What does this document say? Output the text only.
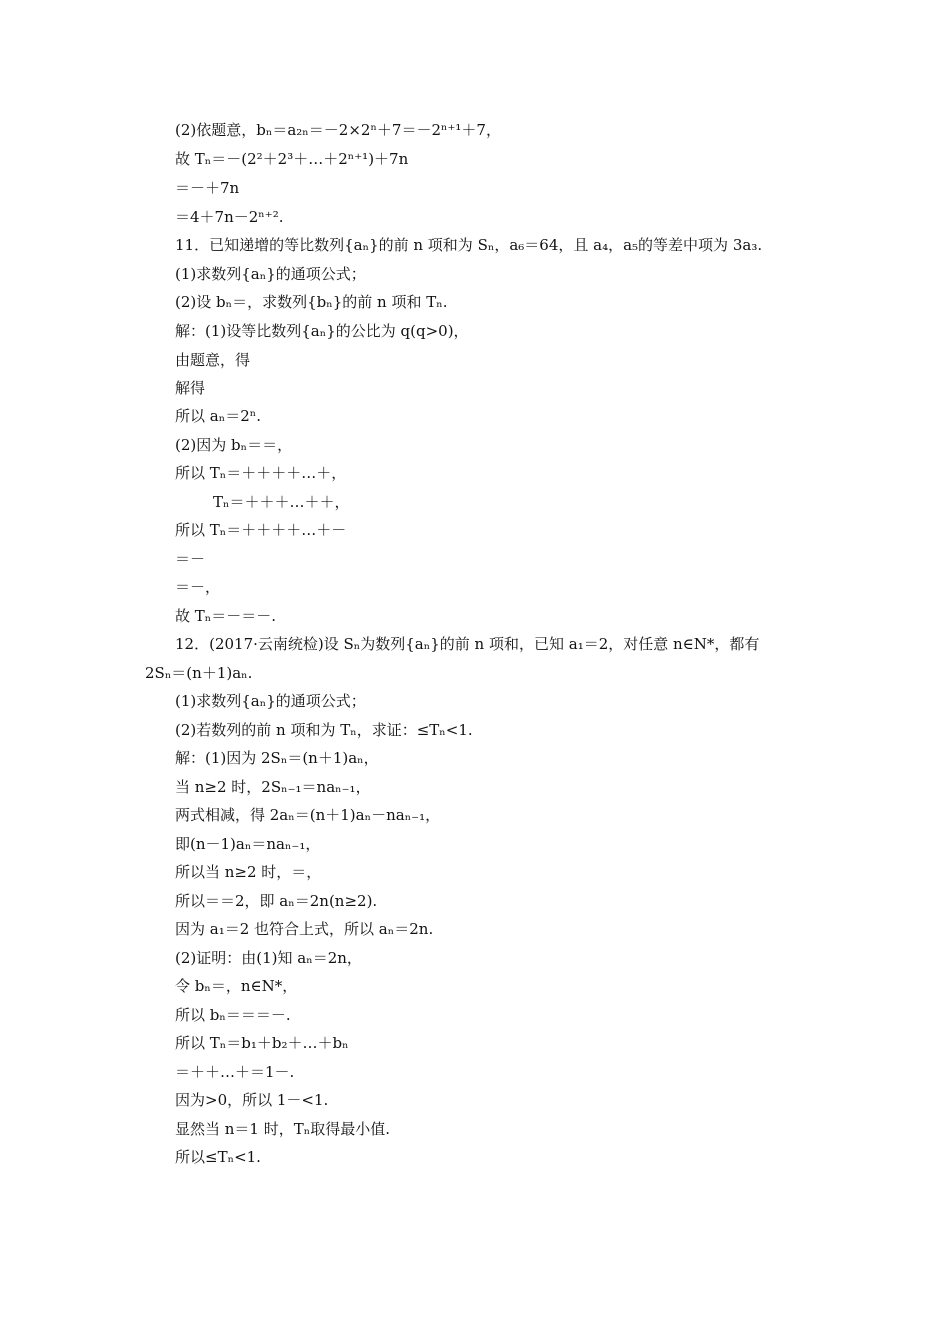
(2)依题意，bₙ＝a₂ₙ＝－2×2ⁿ＋7＝－2ⁿ⁺¹＋7，
故 Tₙ＝－(2²＋2³＋…＋2ⁿ⁺¹)＋7n
＝－＋7n
＝4＋7n－2ⁿ⁺².
11．已知递增的等比数列{aₙ}的前 n 项和为 Sₙ，a₆＝64，且 a₄，a₅的等差中项为 3a₃.
(1)求数列{aₙ}的通项公式；
(2)设 bₙ＝，求数列{bₙ}的前 n 项和 Tₙ.
解：(1)设等比数列{aₙ}的公比为 q(q>0)，
由题意，得
解得
所以 aₙ＝2ⁿ.
(2)因为 bₙ＝＝，
所以 Tₙ＝＋＋＋＋…＋，
Tₙ＝＋＋＋…＋＋，
所以 Tₙ＝＋＋＋＋…＋－
＝－
＝－，
故 Tₙ＝－＝－.
12．(2017·云南统检)设 Sₙ为数列{aₙ}的前 n 项和，已知 a₁＝2，对任意 n∈N*，都有
2Sₙ＝(n＋1)aₙ.
(1)求数列{aₙ}的通项公式；
(2)若数列的前 n 项和为 Tₙ，求证：≤Tₙ<1.
解：(1)因为 2Sₙ＝(n＋1)aₙ，
当 n≥2 时，2Sₙ₋₁＝naₙ₋₁，
两式相减，得 2aₙ＝(n＋1)aₙ－naₙ₋₁，
即(n－1)aₙ＝naₙ₋₁，
所以当 n≥2 时，＝，
所以＝＝2，即 aₙ＝2n(n≥2).
因为 a₁＝2 也符合上式，所以 aₙ＝2n.
(2)证明：由(1)知 aₙ＝2n，
令 bₙ＝，n∈N*，
所以 bₙ＝＝＝－.
所以 Tₙ＝b₁＋b₂＋…＋bₙ
＝＋＋…＋＝1－.
因为>0，所以 1－<1.
显然当 n＝1 时，Tₙ取得最小值.
所以≤Tₙ<1.
